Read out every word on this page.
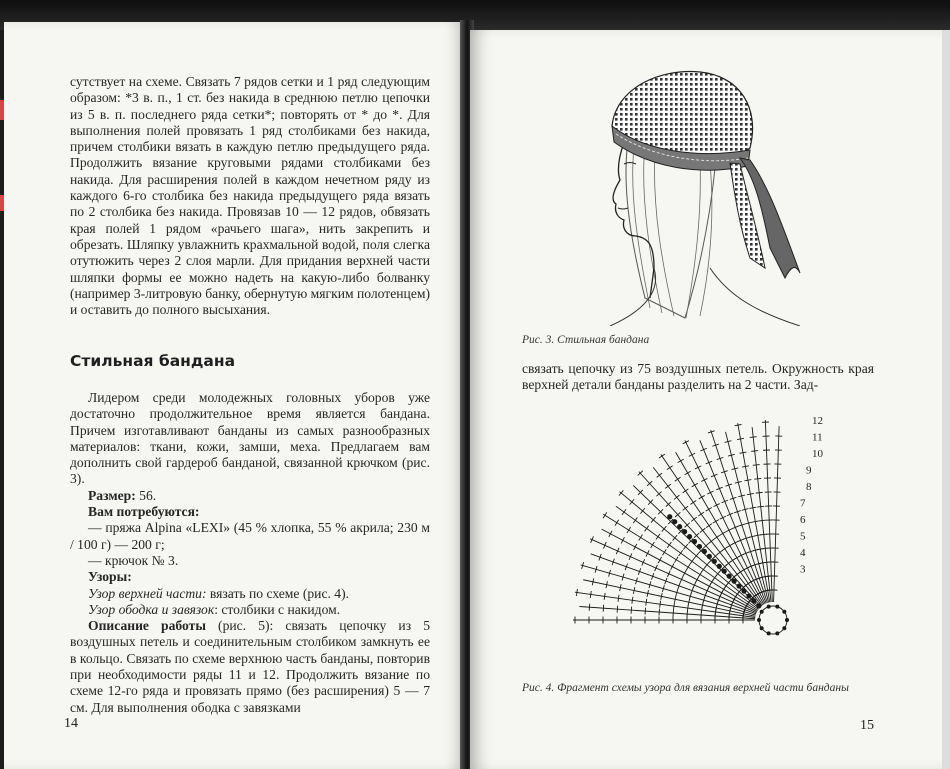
сутствует на схеме. Связать 7 рядов сетки и 1 ряд следующим образом: *3 в. п., 1 ст. без накида в среднюю петлю цепочки из 5 в. п. последнего ряда сетки*; повторять от * до *. Для выполнения полей провязать 1 ряд столбиками без накида, причем столбики вязать в каждую петлю предыдущего ряда. Продолжить вязание круговыми рядами столбиками без накида. Для расширения полей в каждом нечетном ряду из каждого 6-го столбика без накида предыдущего ряда вязать по 2 столбика без накида. Провязав 10 — 12 рядов, обвязать края полей 1 рядом «рачьего шага», нить закрепить и обрезать. Шляпку увлажнить крахмальной водой, поля слегка отутюжить через 2 слоя марли. Для придания верхней части шляпки формы ее можно надеть на какую-либо болванку (например 3-литровую банку, обернутую мягким полотенцем) и оставить до полного высыхания.

Стильная бандана

Лидером среди молодежных головных уборов уже достаточно продолжительное время является бандана. Причем изготавливают банданы из самых разнообразных материалов: ткани, кожи, замши, меха. Предлагаем вам дополнить свой гардероб банданой, связанной крючком (рис. 3).

Размер: 56.

Вам потребуются:

— пряжа Alpina «LEXI» (45 % хлопка, 55 % акрила; 230 м / 100 г) — 200 г;

— крючок № 3.

Узоры:

Узор верхней части: вязать по схеме (рис. 4).

Узор ободка и завязок: столбики с накидом.

Описание работы (рис. 5): связать цепочку из 5 воздушных петель и соединительным столбиком замкнуть ее в кольцо. Связать по схеме верхнюю часть банданы, повторив при необходимости ряды 11 и 12. Продолжить вязание по схеме 12-го ряда и провязать прямо (без расширения) 5 — 7 см. Для выполнения ободка с завязками

14
Рис. 3. Стильная бандана

связать цепочку из 75 воздушных петель. Окружность края верхней детали банданы разделить на 2 части. Зад-

12
11
10
9
8
7
6
5
4
3
Рис. 4. Фрагмент схемы узора для вязания верхней части банданы
15
